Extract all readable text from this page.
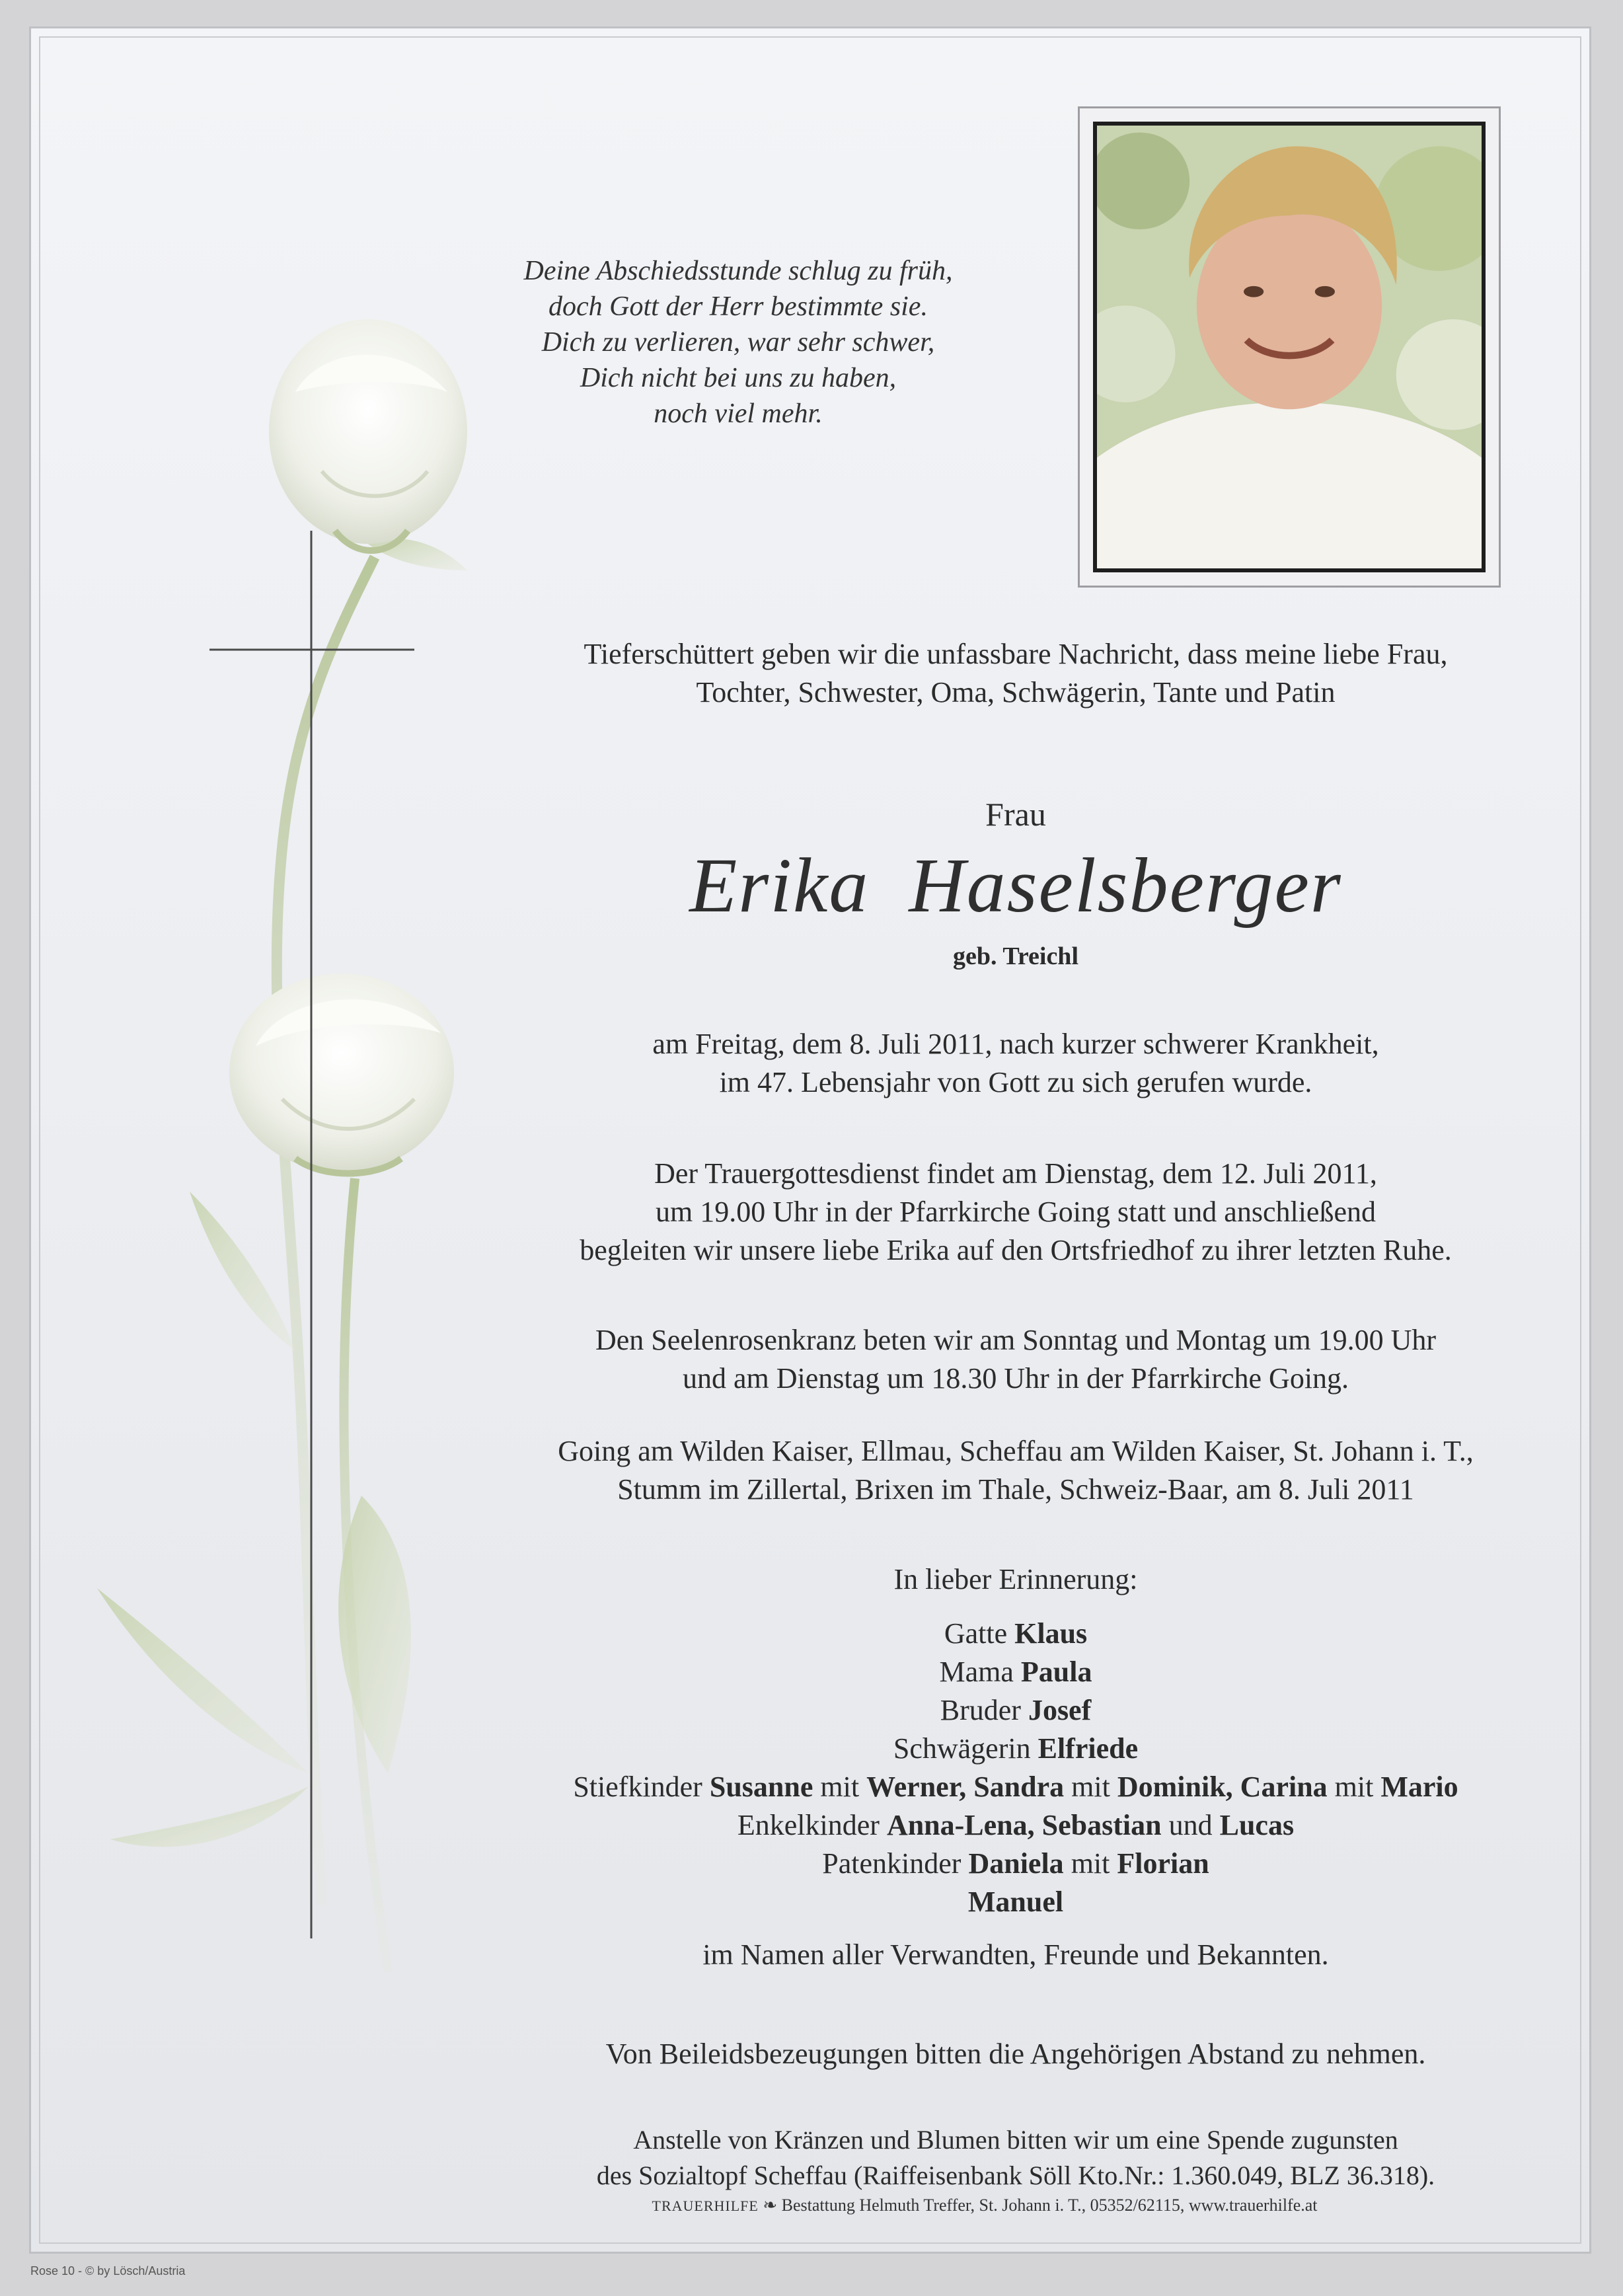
Deine Abschiedsstunde schlug zu früh,
doch Gott der Herr bestimmte sie.
Dich zu verlieren, war sehr schwer,
Dich nicht bei uns zu haben,
noch viel mehr.
Tieferschüttert geben wir die unfassbare Nachricht, dass meine liebe Frau,
Tochter, Schwester, Oma, Schwägerin, Tante und Patin
Frau
Erika Haselsberger
geb. Treichl
am Freitag, dem 8. Juli 2011, nach kurzer schwerer Krankheit,
im 47. Lebensjahr von Gott zu sich gerufen wurde.
Der Trauergottesdienst findet am Dienstag, dem 12. Juli 2011,
um 19.00 Uhr in der Pfarrkirche Going statt und anschließend
begleiten wir unsere liebe Erika auf den Ortsfriedhof zu ihrer letzten Ruhe.
Den Seelenrosenkranz beten wir am Sonntag und Montag um 19.00 Uhr
und am Dienstag um 18.30 Uhr in der Pfarrkirche Going.
Going am Wilden Kaiser, Ellmau, Scheffau am Wilden Kaiser, St. Johann i. T.,
Stumm im Zillertal, Brixen im Thale, Schweiz-Baar, am 8. Juli 2011
In lieber Erinnerung:
Gatte Klaus
Mama Paula
Bruder Josef
Schwägerin Elfriede
Stiefkinder Susanne mit Werner, Sandra mit Dominik, Carina mit Mario
Enkelkinder Anna-Lena, Sebastian und Lucas
Patenkinder Daniela mit Florian
Manuel
im Namen aller Verwandten, Freunde und Bekannten.
Von Beileidsbezeugungen bitten die Angehörigen Abstand zu nehmen.
Anstelle von Kränzen und Blumen bitten wir um eine Spende zugunsten
des Sozialtopf Scheffau (Raiffeisenbank Söll Kto.Nr.: 1.360.049, BLZ 36.318).
TRAUERHILFE ❧ Bestattung Helmuth Treffer, St. Johann i. T., 05352/62115, www.trauerhilfe.at
Rose 10 - © by Lösch/Austria
